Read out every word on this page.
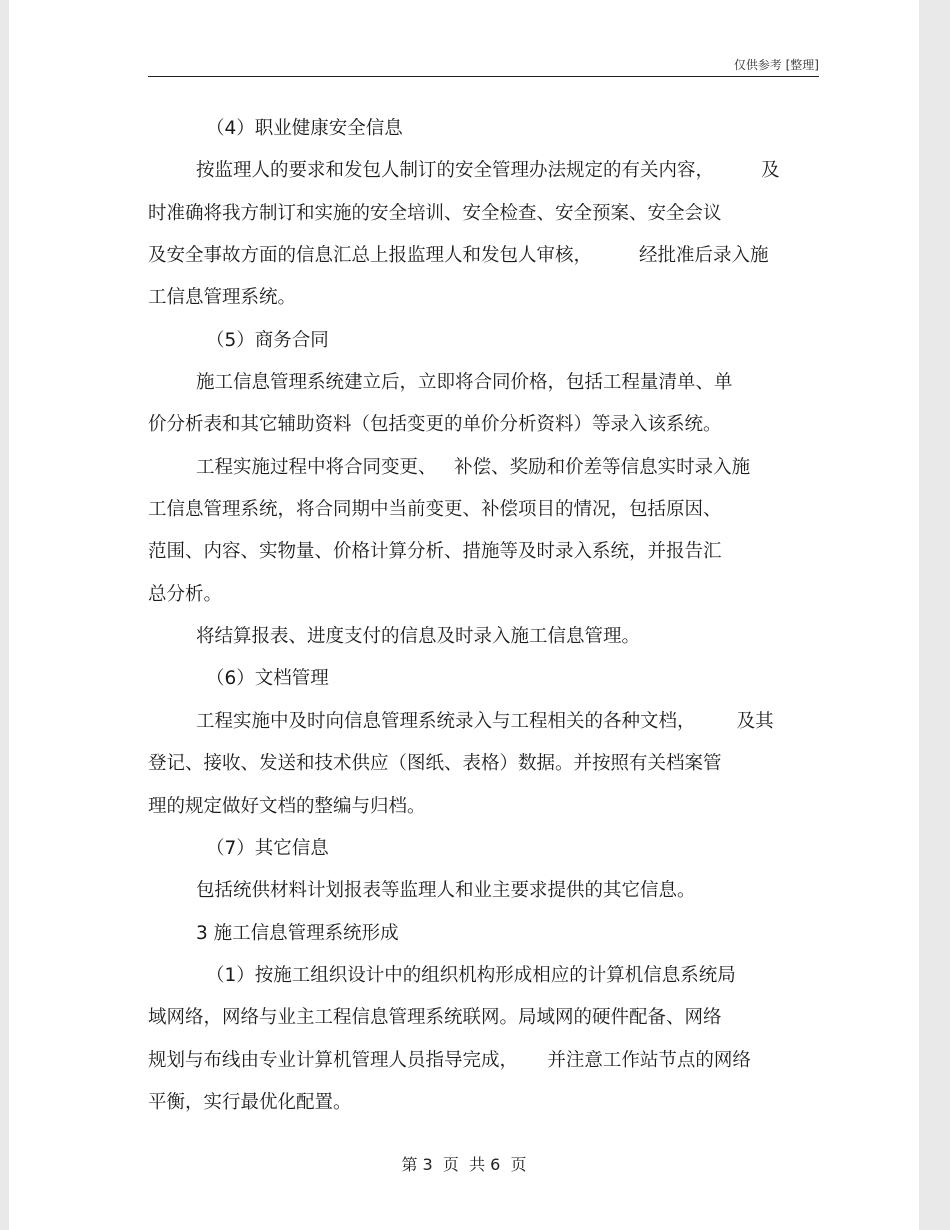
仅供参考 [整理]
（4）职业健康安全信息
按监理人的要求和发包人制订的安全管理办法规定的有关内容，        及
时准确将我方制订和实施的安全培训、安全检查、安全预案、安全会议
及安全事故方面的信息汇总上报监理人和发包人审核，        经批准后录入施
工信息管理系统。
（5）商务合同
施工信息管理系统建立后，立即将合同价格，包括工程量清单、单
价分析表和其它辅助资料（包括变更的单价分析资料）等录入该系统。
工程实施过程中将合同变更、   补偿、奖励和价差等信息实时录入施
工信息管理系统，将合同期中当前变更、补偿项目的情况，包括原因、
范围、内容、实物量、价格计算分析、措施等及时录入系统，并报告汇
总分析。
将结算报表、进度支付的信息及时录入施工信息管理。
（6）文档管理
工程实施中及时向信息管理系统录入与工程相关的各种文档，       及其
登记、接收、发送和技术供应（图纸、表格）数据。并按照有关档案管
理的规定做好文档的整编与归档。
（7）其它信息
包括统供材料计划报表等监理人和业主要求提供的其它信息。
3 施工信息管理系统形成
（1）按施工组织设计中的组织机构形成相应的计算机信息系统局
域网络，网络与业主工程信息管理系统联网。局域网的硬件配备、网络
规划与布线由专业计算机管理人员指导完成，     并注意工作站节点的网络
平衡，实行最优化配置。
第 3  页  共 6  页
